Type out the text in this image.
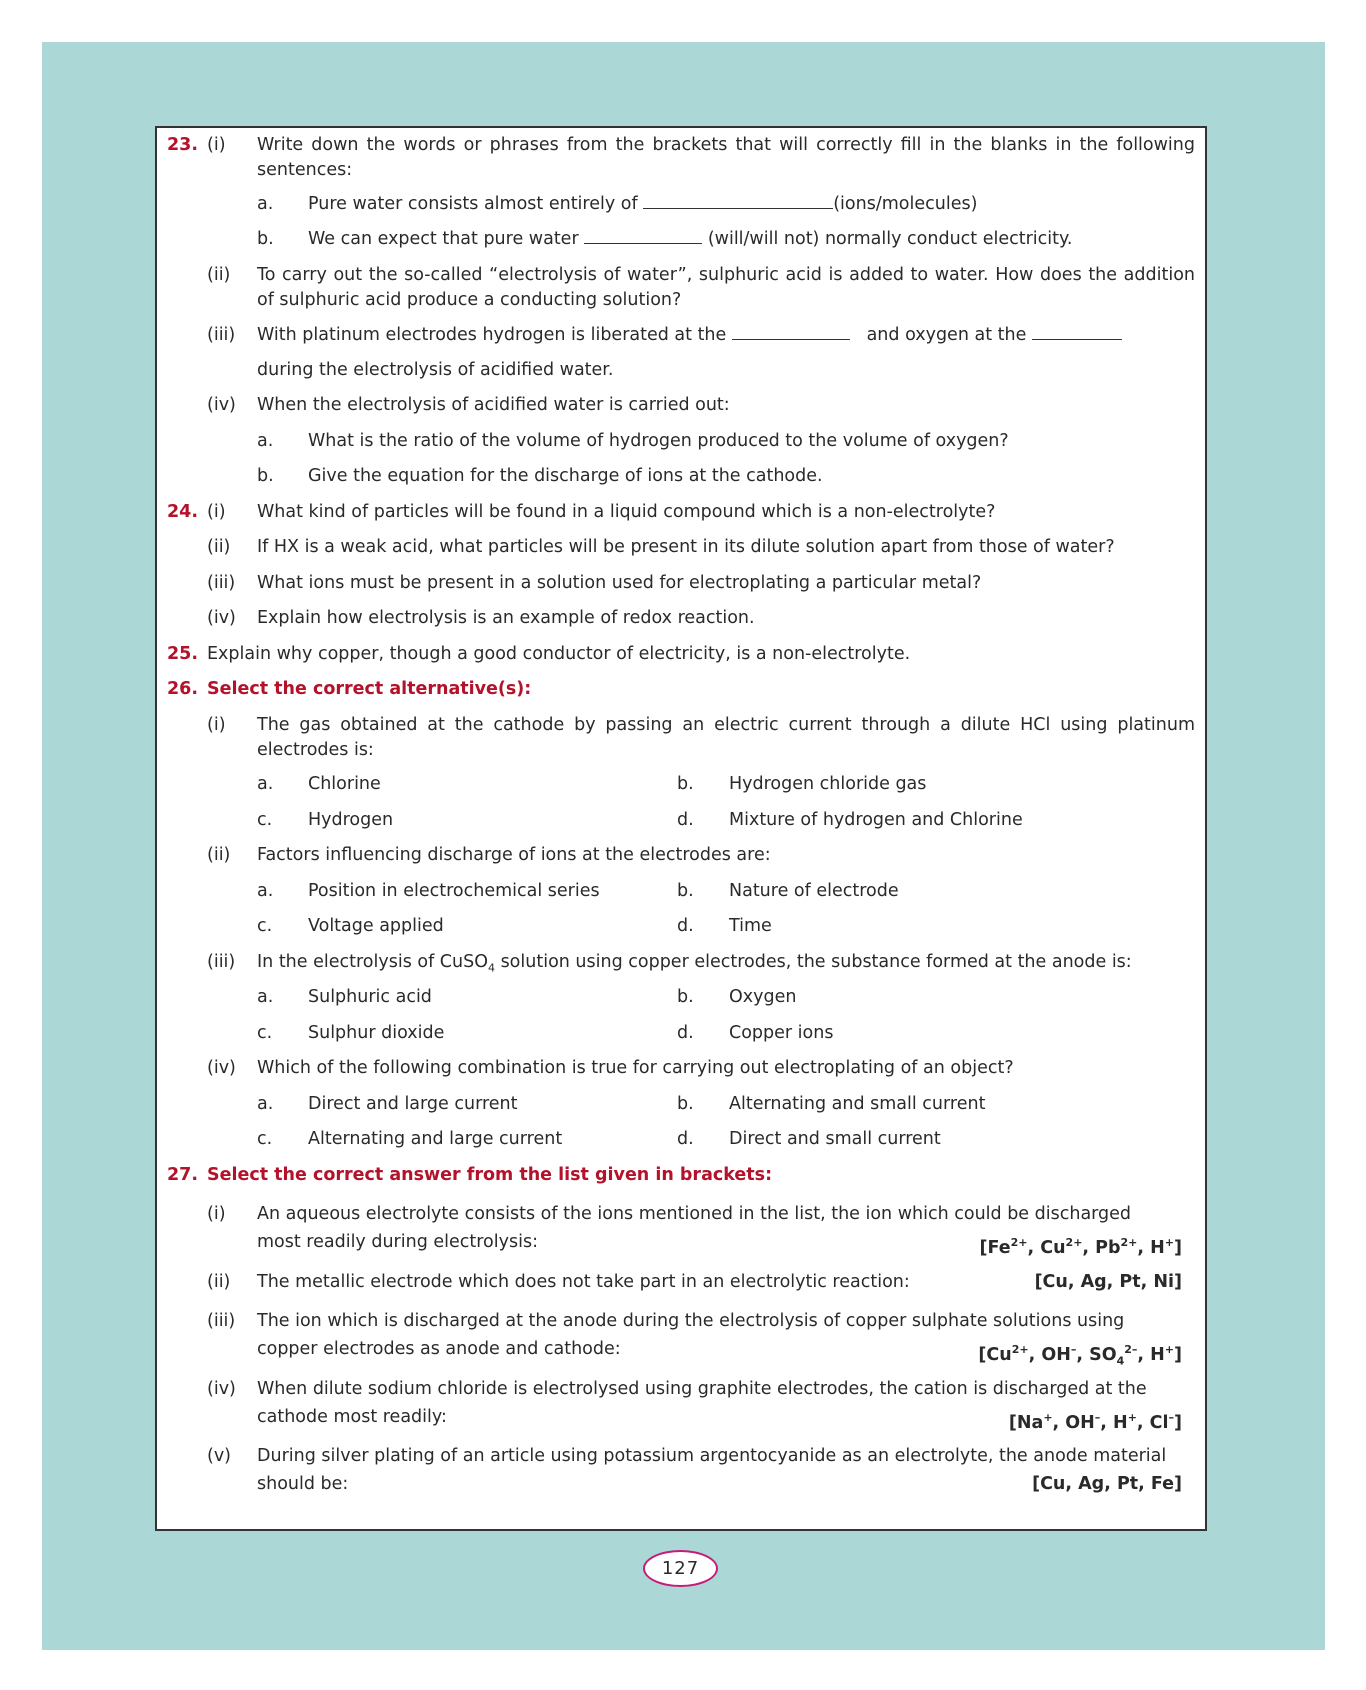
23. (i) Write down the words or phrases from the brackets that will correctly fill in the blanks in the following sentences:
a. Pure water consists almost entirely of	(ions/molecules)
b. We can expect that pure water	(will/will not) normally conduct electricity.
(ii) To carry out the so-called “electrolysis of water”, sulphuric acid is added to water. How does the addition of sulphuric acid produce a conducting solution?
(iii) With platinum electrodes hydrogen is liberated at the	and oxygen at the
during the electrolysis of acidified water.
(iv) When the electrolysis of acidified water is carried out:
a. What is the ratio of the volume of hydrogen produced to the volume of oxygen?
b. Give the equation for the discharge of ions at the cathode.
24. (i) What kind of particles will be found in a liquid compound which is a non-electrolyte?
(ii) If HX is a weak acid, what particles will be present in its dilute solution apart from those of water?
(iii) What ions must be present in a solution used for electroplating a particular metal?
(iv) Explain how electrolysis is an example of redox reaction.
25. Explain why copper, though a good conductor of electricity, is a non-electrolyte.
26. Select the correct alternative(s):
(i) The gas obtained at the cathode by passing an electric current through a dilute HCl using platinum electrodes is:
a. Chlorine	b. Hydrogen chloride gas
c. Hydrogen	d. Mixture of hydrogen and Chlorine
(ii) Factors influencing discharge of ions at the electrodes are:
a. Position in electrochemical series	b. Nature of electrode
c. Voltage applied	d. Time
(iii) In the electrolysis of CuSO$_4$ solution using copper electrodes, the substance formed at the anode is:
a. Sulphuric acid	b. Oxygen
c. Sulphur dioxide	d. Copper ions
(iv) Which of the following combination is true for carrying out electroplating of an object?
a. Direct and large current	b. Alternating and small current
c. Alternating and large current	d. Direct and small current
27. Select the correct answer from the list given in brackets:
(i) An aqueous electrolyte consists of the ions mentioned in the list, the ion which could be discharged
most readily during electrolysis:	[$Fe^{2+}$, $Cu^{2+}$, $Pb^{2+}$, H+]
(ii) The metallic electrode which does not take part in an electrolytic reaction:	[Cu, Ag, Pt, Ni]
(iii) The ion which is discharged at the anode during the electrolysis of copper sulphate solutions using
copper electrodes as anode and cathode:	[$Cu^{2+}$, OH–, $SO_4^{2-}$, H+]
(iv) When dilute sodium chloride is electrolysed using graphite electrodes, the cation is discharged at the
cathode most readily:	[Na+, OH–, H+, Cl–]
(v) During silver plating of an article using potassium argentocyanide as an electrolyte, the anode material
should be:	[Cu, Ag, Pt, Fe]
127
